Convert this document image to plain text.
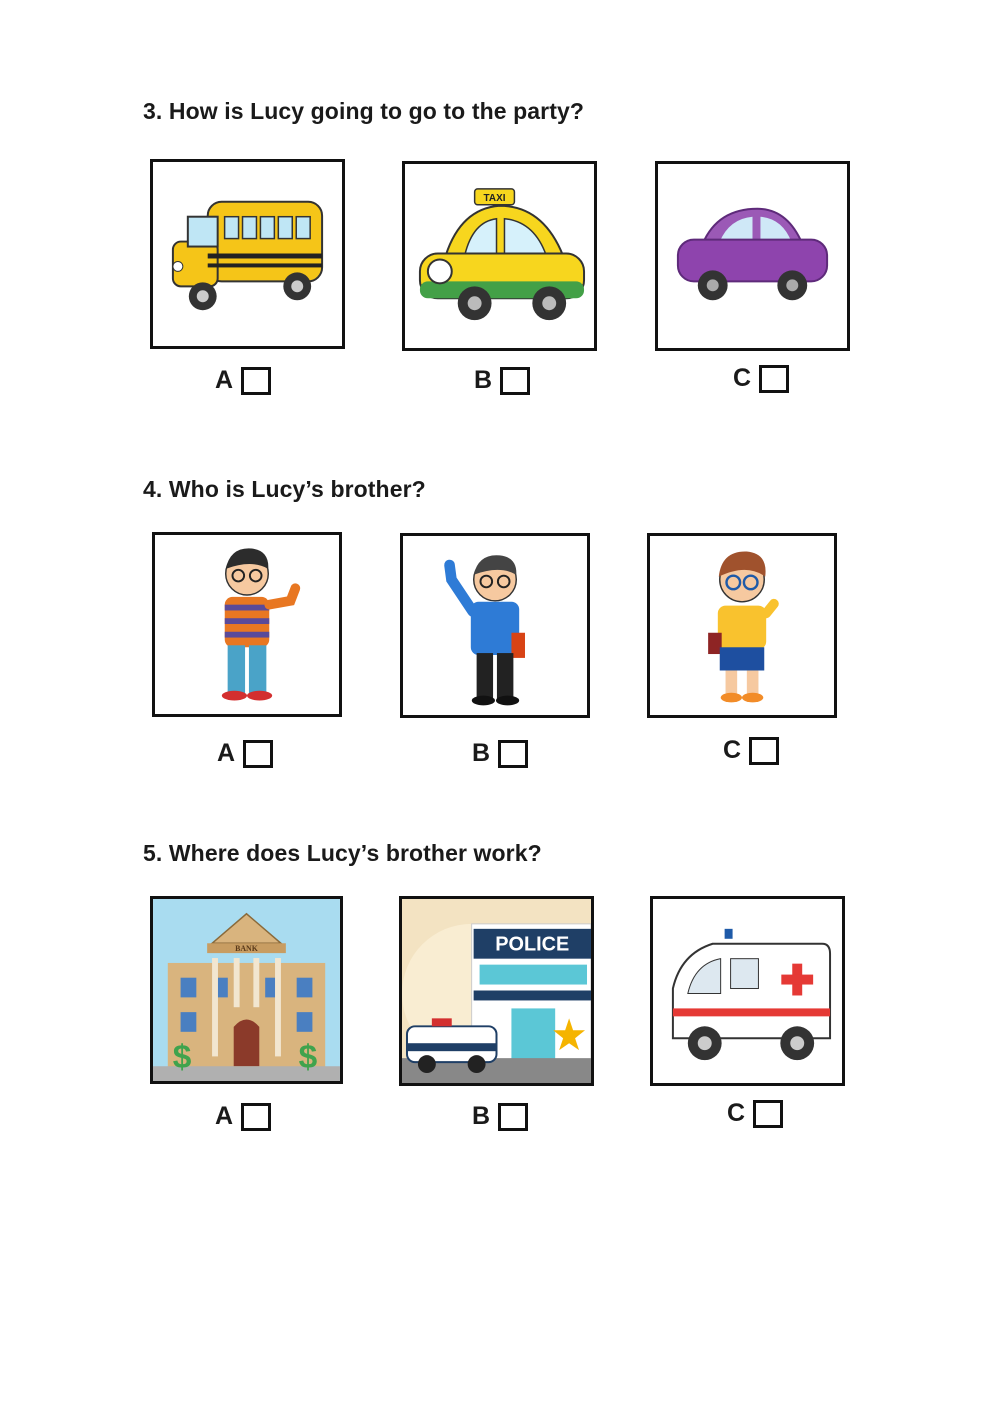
3. How is Lucy going to go to the party?
A
TAXI
B	C
4. Who is Lucy’s brother?
A	B	C
5. Where does Lucy’s brother work?
BANK
$	$
A
POLICE
B	C
